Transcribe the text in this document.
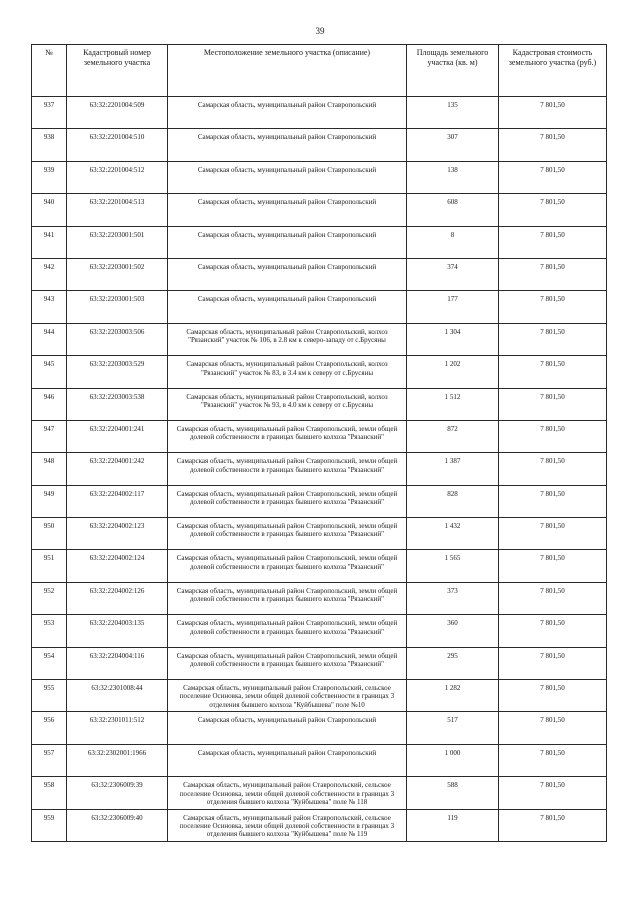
39
№	Кадастровый номер земельного участка	Местоположение земельного участка (описание)	Площадь земельного участка (кв. м)	Кадастровая стоимость земельного участка (руб.)
937	63:32:2201004:509	Самарская область, муниципальный район Ставропольский	135	7 801,50
938	63:32:2201004:510	Самарская область, муниципальный район Ставропольский	307	7 801,50
939	63:32:2201004:512	Самарская область, муниципальный район Ставропольский	138	7 801,50
940	63:32:2201004:513	Самарская область, муниципальный район Ставропольский	608	7 801,50
941	63:32:2203001:501	Самарская область, муниципальный район Ставропольский	8	7 801,50
942	63:32:2203001:502	Самарская область, муниципальный район Ставропольский	374	7 801,50
943	63:32:2203001:503	Самарская область, муниципальный район Ставропольский	177	7 801,50
944	63:32:2203003:506	Самарская область, муниципальный район Ставропольский, колхоз "Рязанский" участок № 106, в 2.8 км к северо-западу от с.Брусяны	1 304	7 801,50
945	63:32:2203003:529	Самарская область, муниципальный район Ставропольский, колхоз "Рязанский" участок № 83, в 3.4 км к северу от с.Брусяны	1 202	7 801,50
946	63:32:2203003:538	Самарская область, муниципальный район Ставропольский, колхоз "Рязанский" участок № 93, в 4.0 км к северу от с.Брусяны	1 512	7 801,50
947	63:32:2204001:241	Самарская область, муниципальный район Ставропольский, земли общей долевой собственности в границах бывшего колхоза "Рязанский"	872	7 801,50
948	63:32:2204001:242	Самарская область, муниципальный район Ставропольский, земли общей долевой собственности в границах бывшего колхоза "Рязанский"	1 387	7 801,50
949	63:32:2204002:117	Самарская область, муниципальный район Ставропольский, земли общей долевой собственности в границах бывшего колхоза "Рязанский"	828	7 801,50
950	63:32:2204002:123	Самарская область, муниципальный район Ставропольский, земли общей долевой собственности в границах бывшего колхоза "Рязанский"	1 432	7 801,50
951	63:32:2204002:124	Самарская область, муниципальный район Ставропольский, земли общей долевой собственности в границах бывшего колхоза "Рязанский"	1 565	7 801,50
952	63:32:2204002:126	Самарская область, муниципальный район Ставропольский, земли общей долевой собственности в границах бывшего колхоза "Рязанский"	373	7 801,50
953	63:32:2204003:135	Самарская область, муниципальный район Ставропольский, земли общей долевой собственности в границах бывшего колхоза "Рязанский"	360	7 801,50
954	63:32:2204004:116	Самарская область, муниципальный район Ставропольский, земли общей долевой собственности в границах бывшего колхоза "Рязанский"	295	7 801,50
955	63:32:2301008:44	Самарская область, муниципальный район Ставропольский, сельское поселение Осиновка, земли общей долевой собственности в границах 3 отделения бывшего колхоза "Куйбышева" поле №10	1 282	7 801,50
956	63:32:2301011:512	Самарская область, муниципальный район Ставропольский	517	7 801,50
957	63:32:2302001:1966	Самарская область, муниципальный район Ставропольский	1 000	7 801,50
958	63:32:2306009:39	Самарская область, муниципальный район Ставропольский, сельское поселение Осиновка, земли общей долевой собственности в границах 3 отделения бывшего колхоза "Куйбышева" поле № 118	588	7 801,50
959	63:32:2306009:40	Самарская область, муниципальный район Ставропольский, сельское поселение Осиновка, земли общей долевой собственности в границах 3 отделения бывшего колхоза "Куйбышева" поле № 119	119	7 801,50
